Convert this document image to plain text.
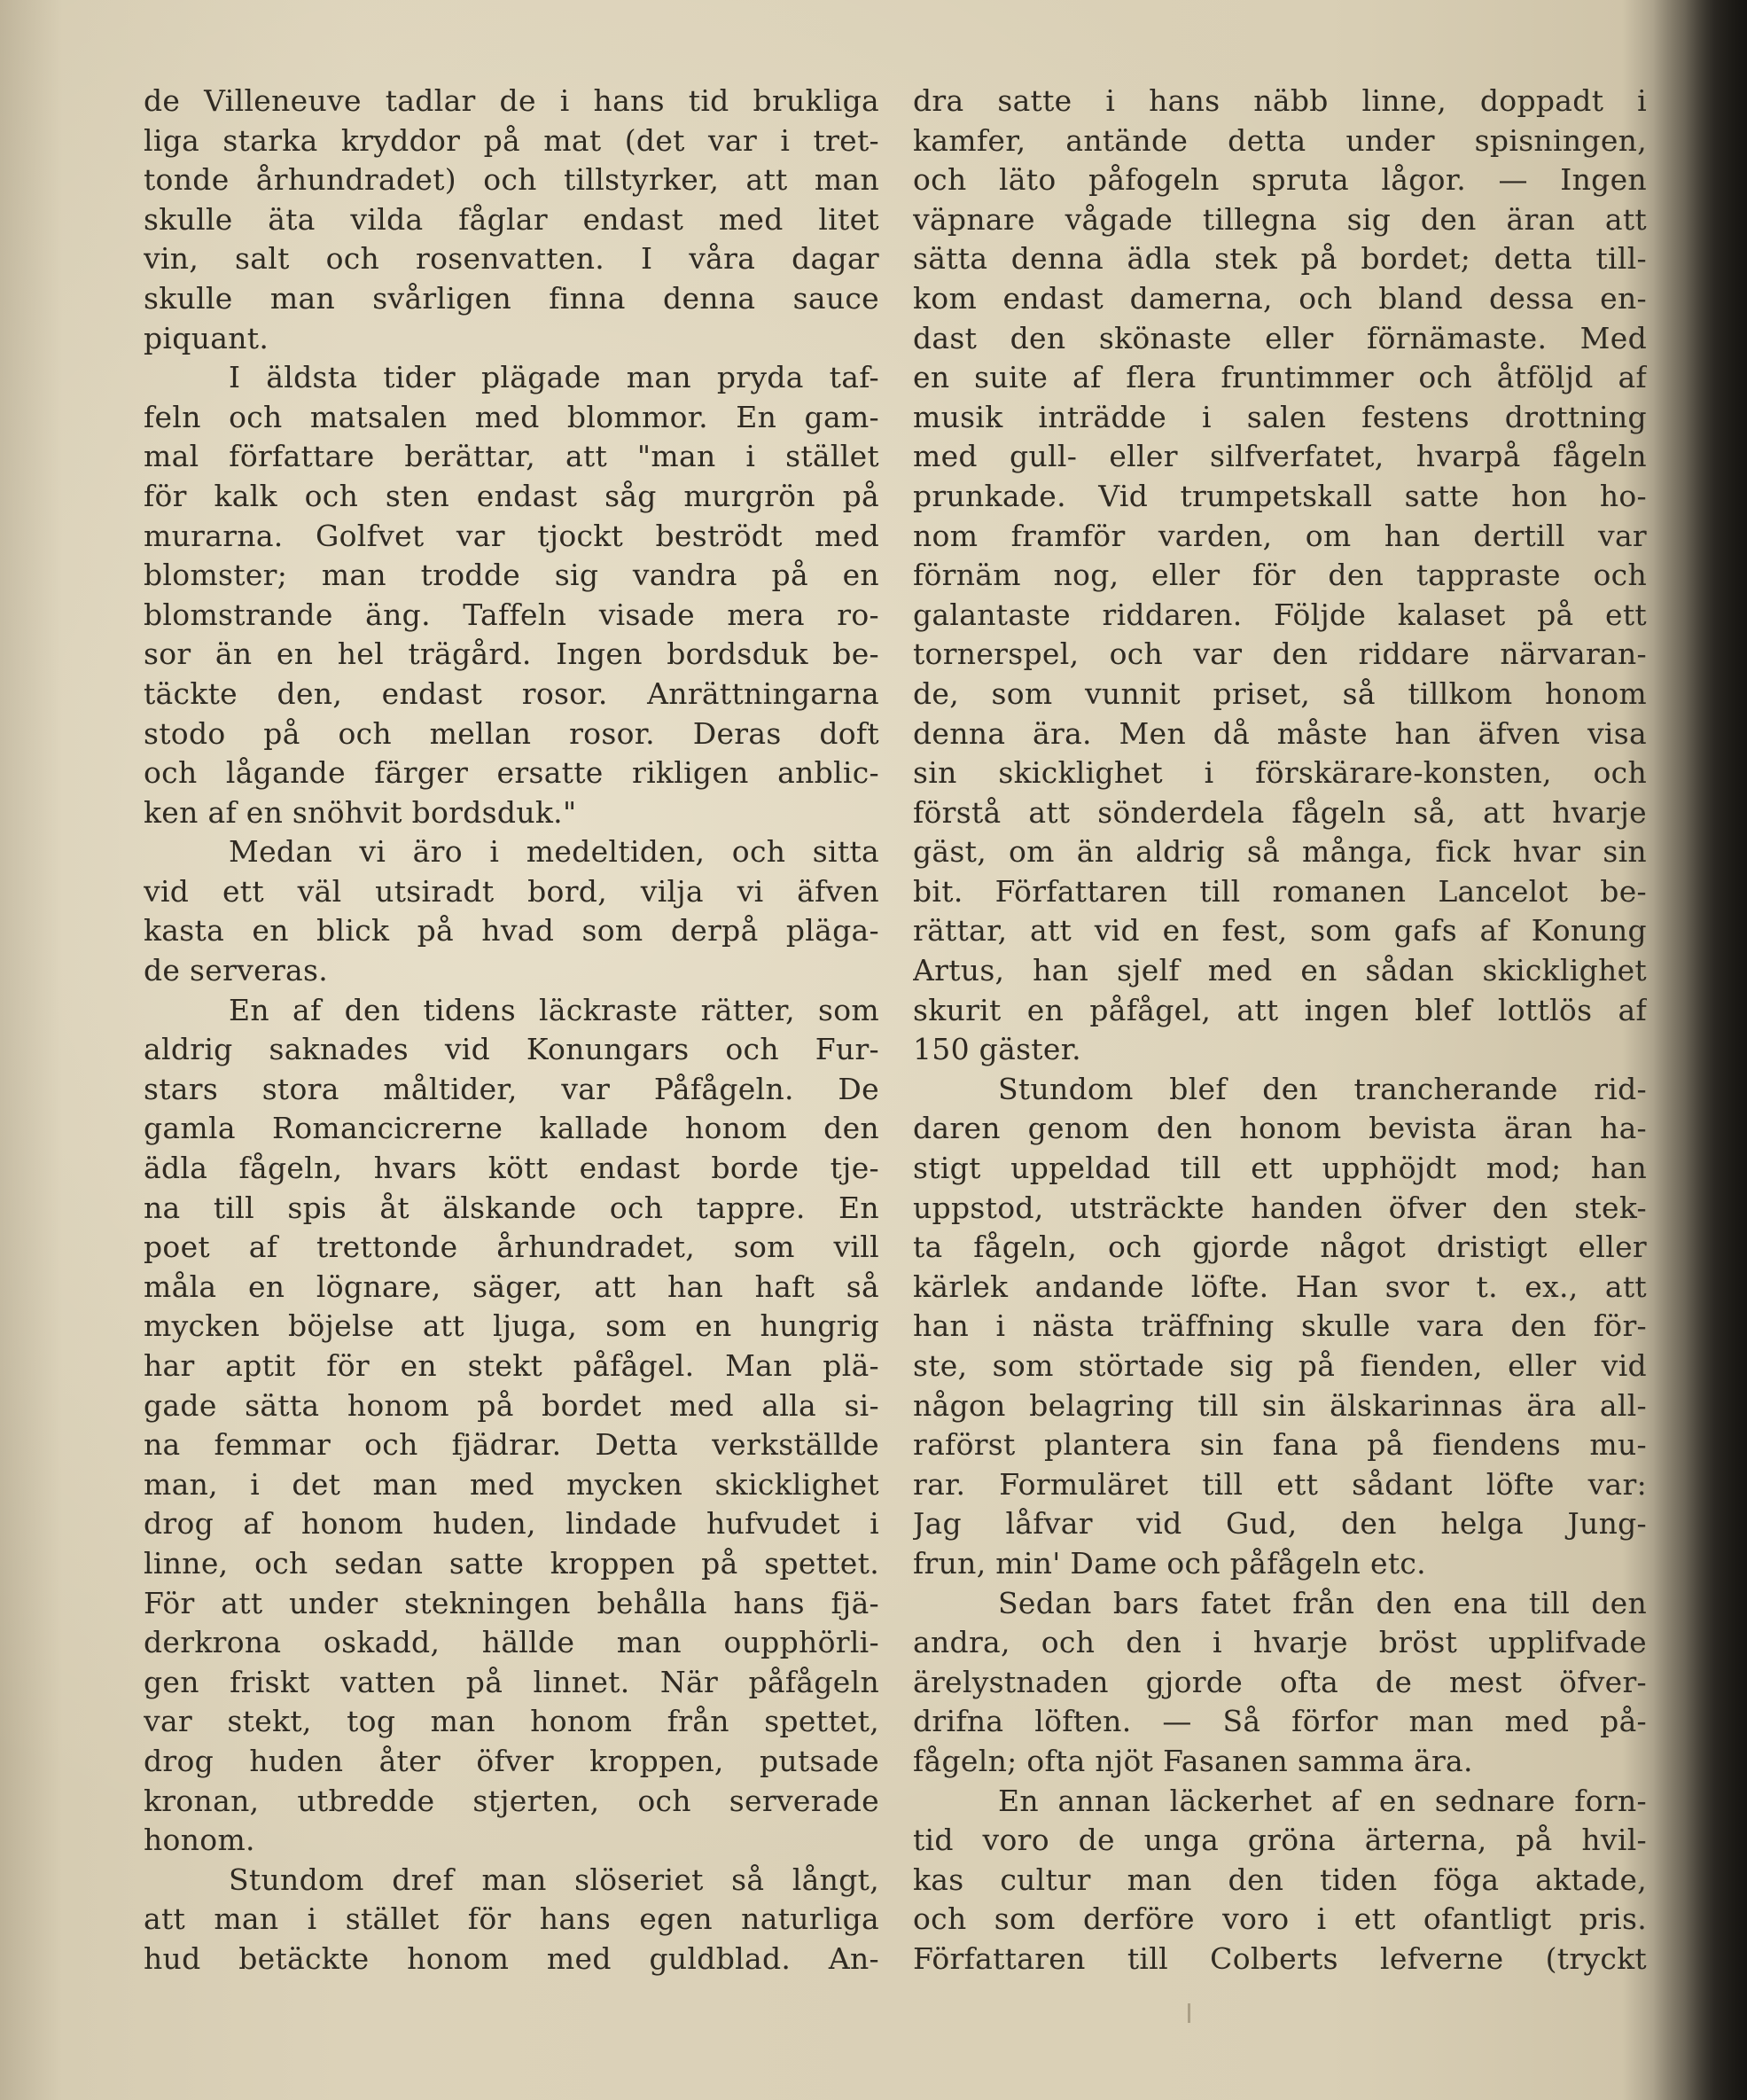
de Villeneuve tadlar de i hans tid brukliga
liga starka kryddor på mat (det var i tret-
tonde århundradet) och tillstyrker, att man
skulle äta vilda fåglar endast med litet
vin, salt och rosenvatten. I våra dagar
skulle man svårligen finna denna sauce
piquant.
I äldsta tider plägade man pryda taf-
feln och matsalen med blommor. En gam-
mal författare berättar, att "man i stället
för kalk och sten endast såg murgrön på
murarna. Golfvet var tjockt beströdt med
blomster; man trodde sig vandra på en
blomstrande äng. Taffeln visade mera ro-
sor än en hel trägård. Ingen bordsduk be-
täckte den, endast rosor. Anrättningarna
stodo på och mellan rosor. Deras doft
och lågande färger ersatte rikligen anblic-
ken af en snöhvit bordsduk."
Medan vi äro i medeltiden, och sitta
vid ett väl utsiradt bord, vilja vi äfven
kasta en blick på hvad som derpå pläga-
de serveras.
En af den tidens läckraste rätter, som
aldrig saknades vid Konungars och Fur-
stars stora måltider, var Påfågeln. De
gamla Romancicrerne kallade honom den
ädla fågeln, hvars kött endast borde tje-
na till spis åt älskande och tappre. En
poet af trettonde århundradet, som vill
måla en lögnare, säger, att han haft så
mycken böjelse att ljuga, som en hungrig
har aptit för en stekt påfågel. Man plä-
gade sätta honom på bordet med alla si-
na femmar och fjädrar. Detta verkställde
man, i det man med mycken skicklighet
drog af honom huden, lindade hufvudet i
linne, och sedan satte kroppen på spettet.
För att under stekningen behålla hans fjä-
derkrona oskadd, hällde man oupphörli-
gen friskt vatten på linnet. När påfågeln
var stekt, tog man honom från spettet,
drog huden åter öfver kroppen, putsade
kronan, utbredde stjerten, och serverade
honom.
Stundom dref man slöseriet så långt,
att man i stället för hans egen naturliga
hud betäckte honom med guldblad. An-
dra satte i hans näbb linne, doppadt i
kamfer, antände detta under spisningen,
och läto påfogeln spruta lågor. — Ingen
väpnare vågade tillegna sig den äran att
sätta denna ädla stek på bordet; detta till-
kom endast damerna, och bland dessa en-
dast den skönaste eller förnämaste. Med
en suite af flera fruntimmer och åtföljd af
musik inträdde i salen festens drottning
med gull- eller silfverfatet, hvarpå fågeln
prunkade. Vid trumpetskall satte hon ho-
nom framför varden, om han dertill var
förnäm nog, eller för den tappraste och
galantaste riddaren. Följde kalaset på ett
tornerspel, och var den riddare närvaran-
de, som vunnit priset, så tillkom honom
denna ära. Men då måste han äfven visa
sin skicklighet i förskärare-konsten, och
förstå att sönderdela fågeln så, att hvarje
gäst, om än aldrig så många, fick hvar sin
bit. Författaren till romanen Lancelot be-
rättar, att vid en fest, som gafs af Konung
Artus, han sjelf med en sådan skicklighet
skurit en påfågel, att ingen blef lottlös af
150 gäster.
Stundom blef den trancherande rid-
daren genom den honom bevista äran ha-
stigt uppeldad till ett upphöjdt mod; han
uppstod, utsträckte handen öfver den stek-
ta fågeln, och gjorde något dristigt eller
kärlek andande löfte. Han svor t. ex., att
han i nästa träffning skulle vara den för-
ste, som störtade sig på fienden, eller vid
någon belagring till sin älskarinnas ära all-
raförst plantera sin fana på fiendens mu-
rar. Formuläret till ett sådant löfte var:
Jag låfvar vid Gud, den helga Jung-
frun, min' Dame och påfågeln etc.
Sedan bars fatet från den ena till den
andra, och den i hvarje bröst upplifvade
ärelystnaden gjorde ofta de mest öfver-
drifna löften. — Så förfor man med på-
fågeln; ofta njöt Fasanen samma ära.
En annan läckerhet af en sednare forn-
tid voro de unga gröna ärterna, på hvil-
kas cultur man den tiden föga aktade,
och som derföre voro i ett ofantligt pris.
Författaren till Colberts lefverne (tryckt
